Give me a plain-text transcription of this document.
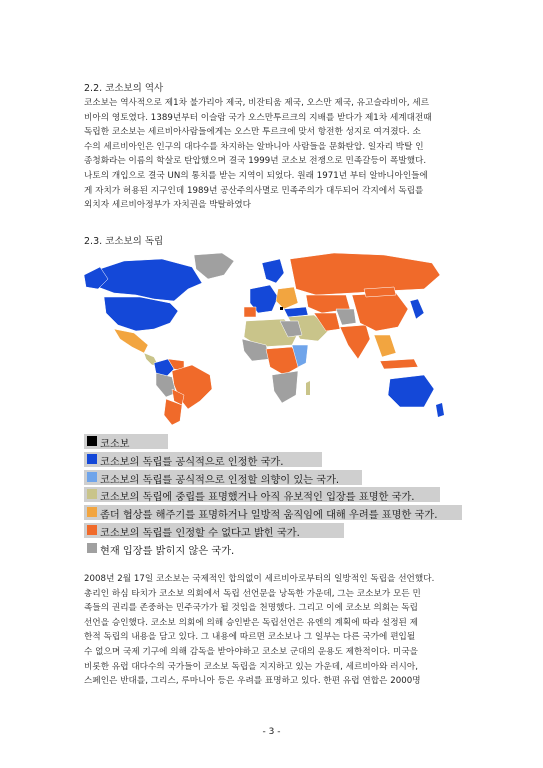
2.2. 코소보의 역사
코소보는 역사적으로 제1차 불가리아 제국, 비잔티움 제국, 오스만 제국, 유고슬라비아, 세르
비아의 영토였다. 1389년부터 이슬람 국가 오스만투르크의 지배를 받다가 제1차 세계대전때
독립한 코소보는 세르비아사람들에게는 오스만 투르크에 맞서 항전한 성지로 여겨졌다. 소
수의 세르비아인은 인구의 대다수를 차지하는 알바니아 사람들을 문화탄압. 일자리 박탈 인
종청화라는 이름의 학살로 탄압했으며 결국 1999년 코소보 전쟁으로 민족갈등이 폭발했다.
나토의 개입으로 결국 UN의 통치를 받는 지역이 되었다. 원래 1971년 부터 알바니아인들에
게 자치가 허용된 지구인데 1989년 공산주의사멸로 민족주의가 대두되어 각지에서 독립를
외치자 세르비아정부가 자치권을 박탈하였다
2.3. 코소보의 독립
코소보
코소보의 독립를 공식적으로 인정한 국가.
코소보의 독립를 공식적으로 인정할 의향이 있는 국가.
코소보의 독립에 중립를 표명했거나 아직 유보적인 입장를 표명한 국가.
좀더 협상를 해주기를 표명하거나 일방적 움직임에 대해 우려를 표명한 국가.
코소보의 독립를 인정할 수 없다고 밝힌 국가.
현재 입장를 밝히지 않은 국가.
2008년 2월 17일 코소보는 국제적인 합의없이 세르비아로부터의 일방적인 독립을 선언했다.
총리인 하심 타치가 코소보 의회에서 독립 선언문을 낭독한 가운데, 그는 코소보가 모든 민
족들의 권리를 존중하는 민주국가가 될 것임을 천명했다. 그리고 이에 코소보 의회는 독립
선언을 승인했다. 코소보 의회에 의해 승인받은 독립선언은 유엔의 계획에 따라 설정된 제
한적 독립의 내용을 담고 있다. 그 내용에 따르면 코소보나 그 일부는 다른 국가에 편입될
수 없으며 국제 기구에 의해 감독을 받아야하고 코소보 군대의 운용도 제한적이다. 미국을
비롯한 유럽 대다수의 국가들이 코소보 독립을 지지하고 있는 가운데, 세르비아와 러시아,
스페인은 반대를, 그리스, 루마니아 등은 우려를 표명하고 있다. 한편 유럽 연합은 2000명
- 3 -
